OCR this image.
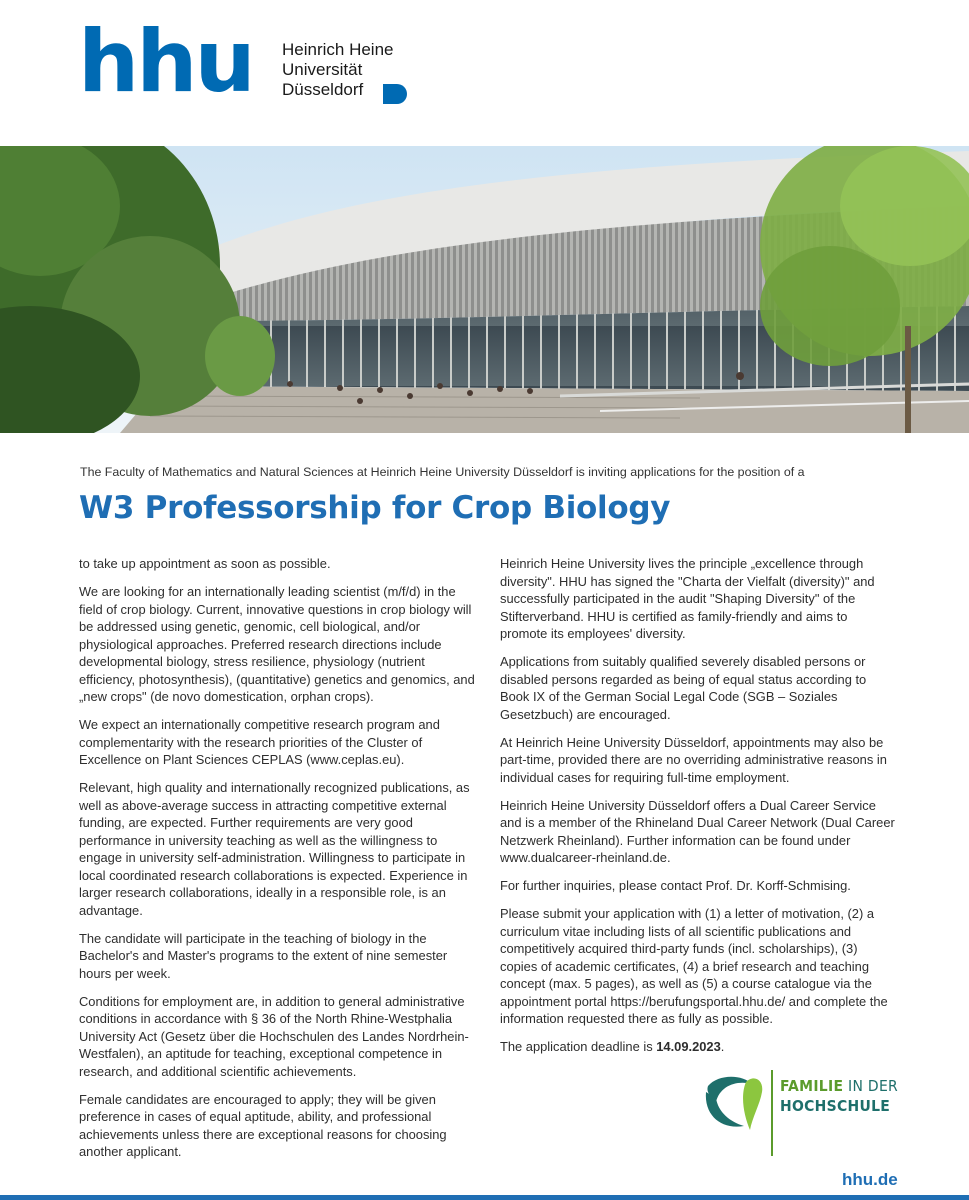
hhu Heinrich Heine
Universität
Düsseldorf
The Faculty of Mathematics and Natural Sciences at Heinrich Heine University Düsseldorf is inviting applications for the position of a
W3 Professorship for Crop Biology

to take up appointment as soon as possible.

We are looking for an internationally leading scientist (m/f/d) in the field of crop biology. Current, innovative questions in crop biology will be addressed using genetic, genomic, cell biological, and/or physiological approaches. Preferred research directions include developmental biology, stress resilience, physiology (nutrient efficiency, photosynthesis), (quantitative) genetics and genomics, and „new crops" (de novo domestication, orphan crops).

We expect an internationally competitive research program and complementarity with the research priorities of the Cluster of Excellence on Plant Sciences CEPLAS (www.ceplas.eu).

Relevant, high quality and internationally recognized publications, as well as above-average success in attracting competitive external funding, are expected. Further requirements are very good performance in university teaching as well as the willingness to engage in university self-administration. Willingness to participate in local coordinated research collaborations is expected. Experience in larger research collaborations, ideally in a responsible role, is an advantage.

The candidate will participate in the teaching of biology in the Bachelor's and Master's programs to the extent of nine semester hours per week.

Conditions for employment are, in addition to general administrative conditions in accordance with § 36 of the North Rhine-Westphalia University Act (Gesetz über die Hochschulen des Landes Nordrhein-Westfalen), an aptitude for teaching, exceptional competence in research, and additional scientific achievements.

Female candidates are encouraged to apply; they will be given preference in cases of equal aptitude, ability, and professional achievements unless there are exceptional reasons for choosing another applicant.

Heinrich Heine University lives the principle „excellence through diversity". HHU has signed the "Charta der Vielfalt (diversity)" and successfully participated in the audit "Shaping Diversity" of the Stifterverband. HHU is certified as family-friendly and aims to promote its employees' diversity.

Applications from suitably qualified severely disabled persons or disabled persons regarded as being of equal status according to Book IX of the German Social Legal Code (SGB – Soziales Gesetzbuch) are encouraged.

At Heinrich Heine University Düsseldorf, appointments may also be part-time, provided there are no overriding administrative reasons in individual cases for requiring full-time employment.

Heinrich Heine University Düsseldorf offers a Dual Career Service and is a member of the Rhineland Dual Career Network (Dual Career Netzwerk Rheinland). Further information can be found under www.dualcareer-rheinland.de.

For further inquiries, please contact Prof. Dr. Korff-Schmising.

Please submit your application with (1) a letter of motivation, (2) a curriculum vitae including lists of all scientific publications and competitively acquired third-party funds (incl. scholarships), (3) copies of academic certificates, (4) a brief research and teaching concept (max. 5 pages), as well as (5) a course catalogue via the appointment portal https://berufungsportal.hhu.de/ and complete the information requested there as fully as possible.

The application deadline is 14.09.2023.

FAMILIE IN DER
HOCHSCHULE
hhu.de
